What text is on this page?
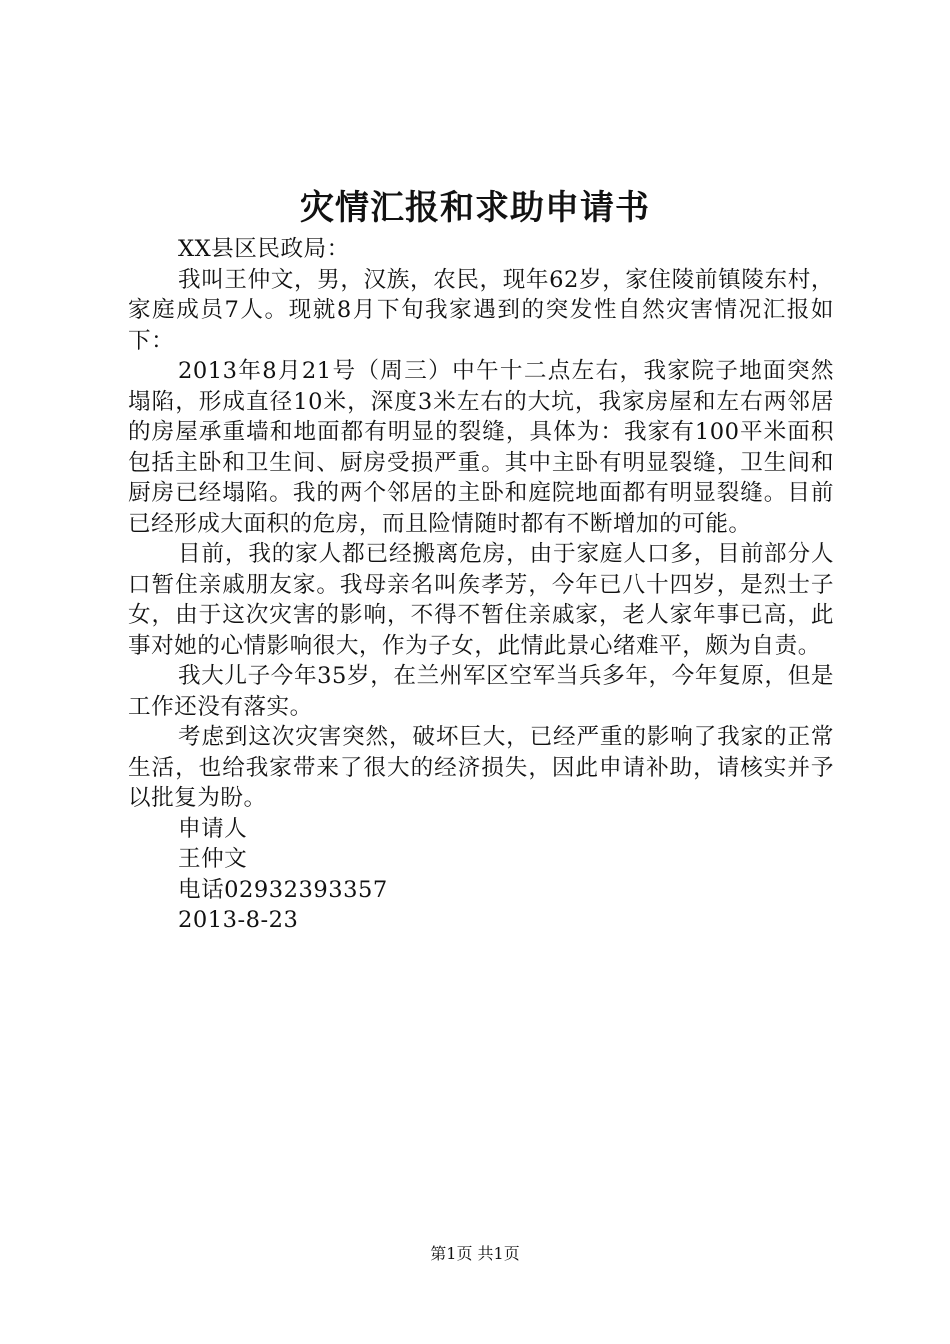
灾情汇报和求助申请书

XX县区民政局：

我叫王仲文，男，汉族，农民，现年62岁，家住陵前镇陵东村，家庭成员7人。现就8月下旬我家遇到的突发性自然灾害情况汇报如下：

2013年8月21号（周三）中午十二点左右，我家院子地面突然塌陷，形成直径10米，深度3米左右的大坑，我家房屋和左右两邻居的房屋承重墙和地面都有明显的裂缝，具体为：我家有100平米面积包括主卧和卫生间、厨房受损严重。其中主卧有明显裂缝，卫生间和厨房已经塌陷。我的两个邻居的主卧和庭院地面都有明显裂缝。目前已经形成大面积的危房，而且险情随时都有不断增加的可能。

目前，我的家人都已经搬离危房，由于家庭人口多，目前部分人口暂住亲戚朋友家。我母亲名叫矦孝芳，今年已八十四岁，是烈士子女，由于这次灾害的影响，不得不暂住亲戚家，老人家年事已高，此事对她的心情影响很大，作为子女，此情此景心绪难平，颇为自责。

我大儿子今年35岁，在兰州军区空军当兵多年，今年复原，但是工作还没有落实。

考虑到这次灾害突然，破坏巨大，已经严重的影响了我家的正常生活，也给我家带来了很大的经济损失，因此申请补助，请核实并予以批复为盼。

申请人

王仲文

电话02932393357

2013-8-23

第1页 共1页
